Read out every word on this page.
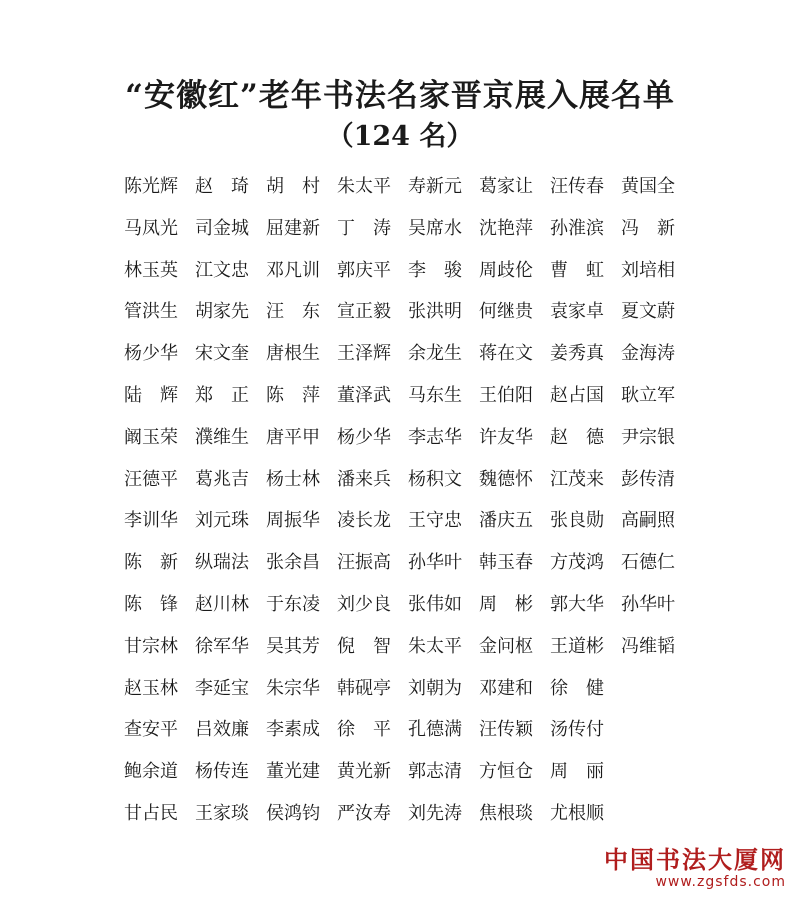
“安徽红”老年书法名家晋京展入展名单
（124 名）
陈光辉 赵 琦 胡 村 朱太平 寿新元 葛家让 汪传春 黄国全
马凤光 司金城 屈建新 丁 涛 吴席水 沈艳萍 孙淮滨 冯 新
林玉英 江文忠 邓凡训 郭庆平 李 骏 周歧伦 曹 虹 刘培相
管洪生 胡家先 汪 东 宣正毅 张洪明 何继贵 袁家卓 夏文蔚
杨少华 宋文奎 唐根生 王泽辉 余龙生 蒋在文 姜秀真 金海涛
陆 辉 郑 正 陈 萍 董泽武 马东生 王伯阳 赵占国 耿立军
阚玉荣 濮维生 唐平甲 杨少华 李志华 许友华 赵 德 尹宗银
汪德平 葛兆吉 杨士林 潘来兵 杨积文 魏德怀 江茂来 彭传清
李训华 刘元珠 周振华 凌长龙 王守忠 潘庆五 张良勋 高嗣照
陈 新 纵瑞法 张余昌 汪振高 孙华叶 韩玉春 方茂鸿 石德仁
陈 锋 赵川林 于东凌 刘少良 张伟如 周 彬 郭大华 孙华叶
甘宗林 徐军华 吴其芳 倪 智 朱太平 金问枢 王道彬 冯维韬
赵玉林 李延宝 朱宗华 韩砚亭 刘朝为 邓建和 徐 健
查安平 吕效廉 李素成 徐 平 孔德满 汪传颖 汤传付
鲍余道 杨传连 董光建 黄光新 郭志清 方恒仓 周 丽
甘占民 王家琰 侯鸿钧 严汝寿 刘先涛 焦根琰 尤根顺
中国书法大厦网
www.zgsfds.com
